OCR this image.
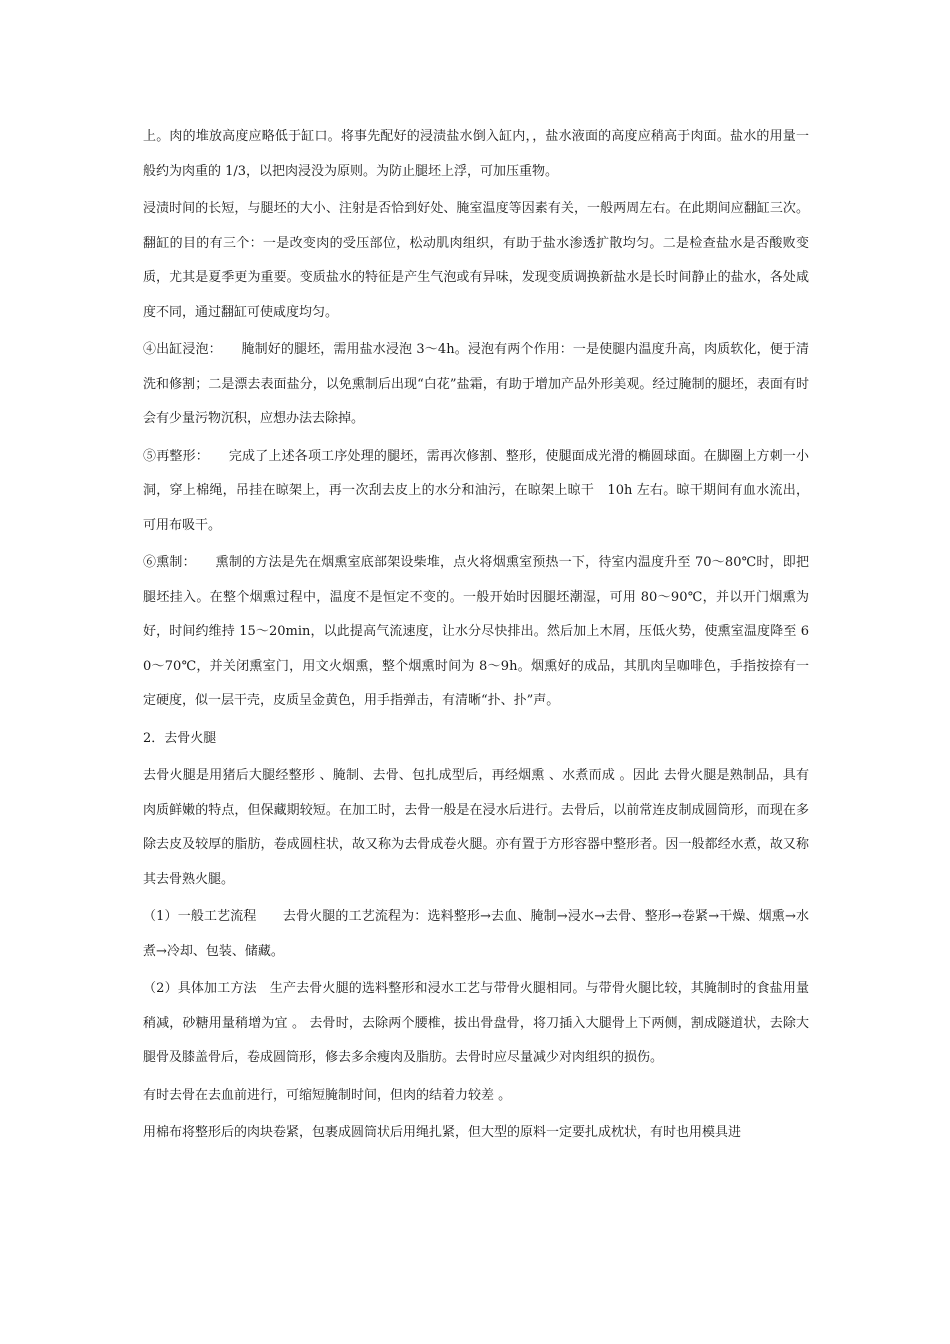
上。肉的堆放高度应略低于缸口。将事先配好的浸渍盐水倒入缸内，，盐水液面的高度应稍高于肉面。盐水的用量一般约为肉重的 1/3，以把肉浸没为原则。为防止腿坯上浮，可加压重物。

浸渍时间的长短，与腿坯的大小、注射是否恰到好处、腌室温度等因素有关，一般两周左右。在此期间应翻缸三次。翻缸的目的有三个：一是改变肉的受压部位，松动肌肉组织，有助于盐水渗透扩散均匀。二是检查盐水是否酸败变质，尤其是夏季更为重要。变质盐水的特征是产生气泡或有异味，发现变质调换新盐水是长时间静止的盐水，各处咸度不同，通过翻缸可使咸度均匀。

④出缸浸泡：　　腌制好的腿坯，需用盐水浸泡 3～4h。浸泡有两个作用：一是使腿内温度升高，肉质软化，便于清洗和修割；二是漂去表面盐分，以免熏制后出现“白花”盐霜，有助于增加产品外形美观。经过腌制的腿坯，表面有时会有少量污物沉积，应想办法去除掉。

⑤再整形：　　完成了上述各项工序处理的腿坯，需再次修割、整形，使腿面成光滑的椭圆球面。在脚圈上方刺一小洞，穿上棉绳，吊挂在晾架上，再一次刮去皮上的水分和油污，在晾架上晾干　10h 左右。晾干期间有血水流出，可用布吸干。

⑥熏制：　　熏制的方法是先在烟熏室底部架设柴堆，点火将烟熏室预热一下，待室内温度升至 70～80℃时，即把腿坯挂入。在整个烟熏过程中，温度不是恒定不变的。一般开始时因腿坯潮湿，可用 80～90℃，并以开门烟熏为好，时间约维持 15～20min，以此提高气流速度，让水分尽快排出。然后加上木屑，压低火势，使熏室温度降至 60～70℃，并关闭熏室门，用文火烟熏，整个烟熏时间为 8～9h。烟熏好的成品，其肌肉呈咖啡色，手指按捺有一定硬度，似一层干壳，皮质呈金黄色，用手指弹击，有清晰“扑、扑”声。

2．去骨火腿

去骨火腿是用猪后大腿经整形 、腌制、去骨、包扎成型后，再经烟熏 、水煮而成 。因此 去骨火腿是熟制品，具有肉质鲜嫩的特点，但保藏期较短。在加工时，去骨一般是在浸水后进行。去骨后，以前常连皮制成圆筒形，而现在多除去皮及较厚的脂肪，卷成圆柱状，故又称为去骨成卷火腿。亦有置于方形容器中整形者。因一般都经水煮，故又称其去骨熟火腿。

（1）一般工艺流程　　去骨火腿的工艺流程为：选料整形→去血、腌制→浸水→去骨、整形→卷紧→干燥、烟熏→水煮→冷却、包装、储藏。

（2）具体加工方法　生产去骨火腿的选料整形和浸水工艺与带骨火腿相同。与带骨火腿比较，其腌制时的食盐用量稍减，砂糖用量稍增为宜 。 去骨时，去除两个腰椎，拔出骨盘骨，将刀插入大腿骨上下两侧，割成隧道状，去除大腿骨及膝盖骨后，卷成圆筒形，修去多余瘦肉及脂肪。去骨时应尽量减少对肉组织的损伤。

有时去骨在去血前进行，可缩短腌制时间，但肉的结着力较差 。

用棉布将整形后的肉块卷紧，包裹成圆筒状后用绳扎紧，但大型的原料一定要扎成枕状，有时也用模具进
